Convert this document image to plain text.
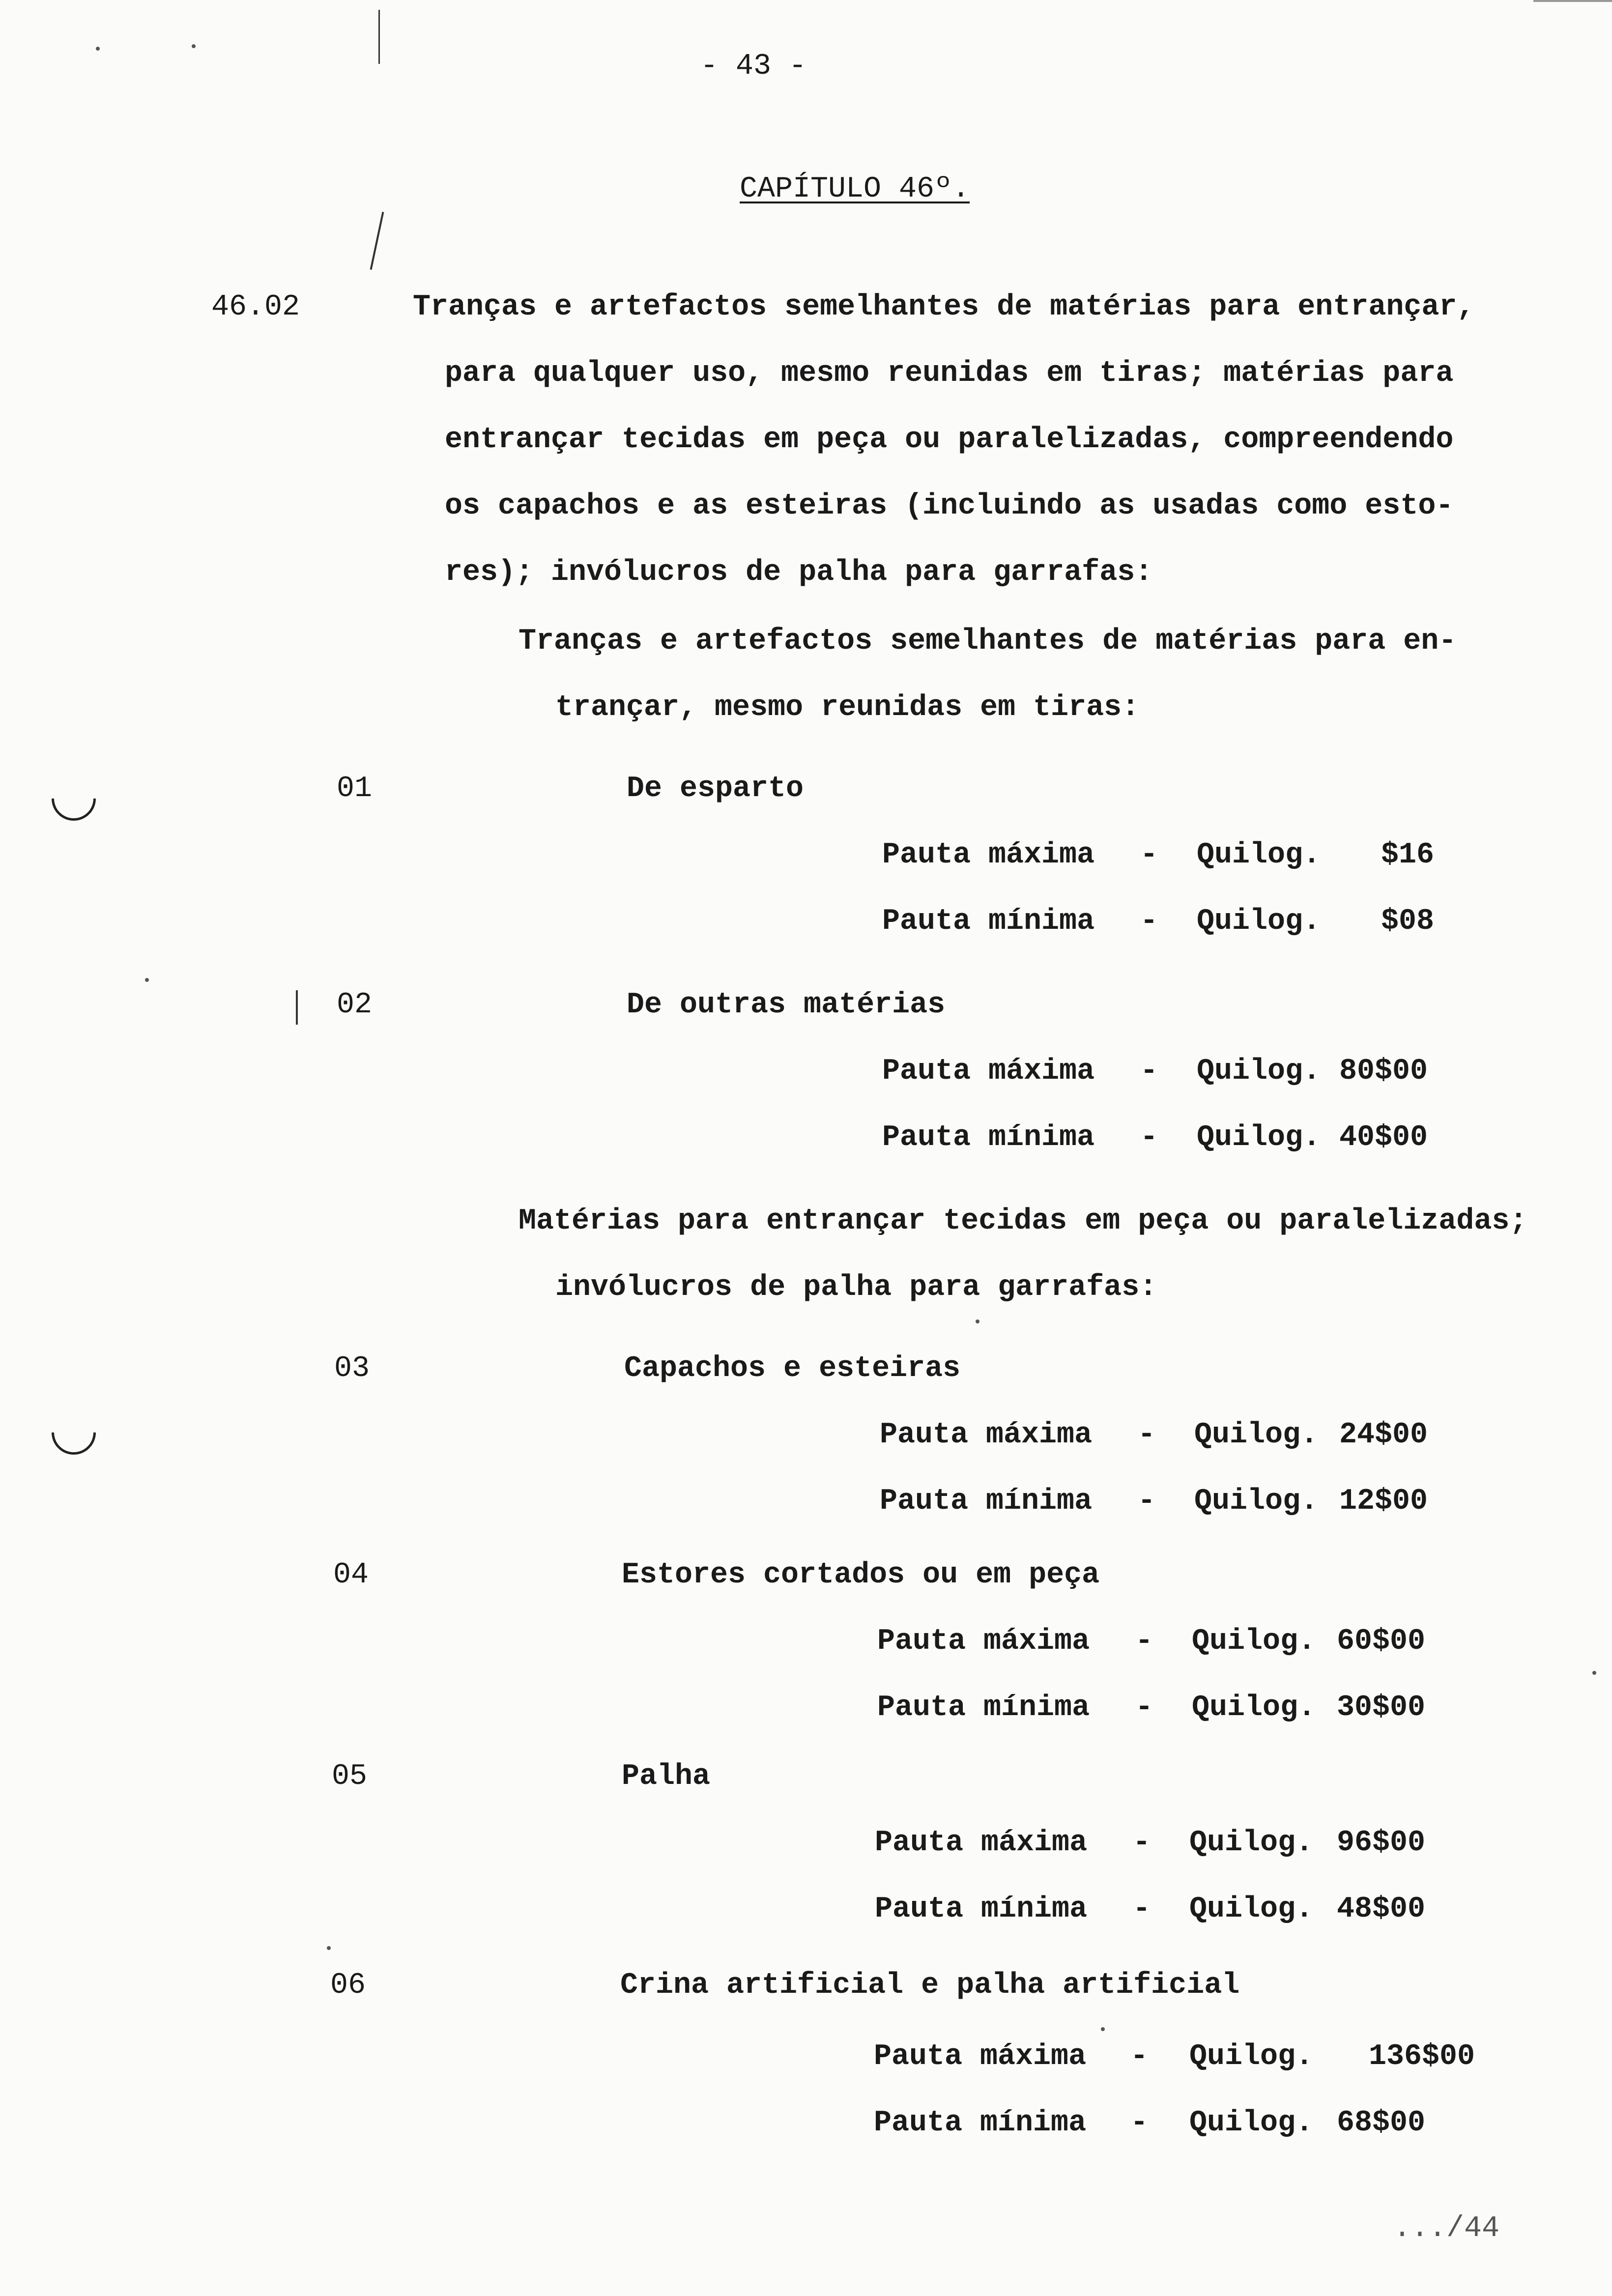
- 43 -
CAPÍTULO 46º.
46.02	Tranças e artefactos semelhantes de matérias para entrançar,
para qualquer uso, mesmo reunidas em tiras; matérias para
entrançar tecidas em peça ou paralelizadas, compreendendo
os capachos e as esteiras (incluindo as usadas como esto-
res); invólucros de palha para garrafas:
Tranças e artefactos semelhantes de matérias para en-
trançar, mesmo reunidas em tiras:
01	De esparto
Pauta máxima - Quilog. $16
Pauta mínima - Quilog. $08
02	De outras matérias
Pauta máxima - Quilog. 80$00
Pauta mínima - Quilog. 40$00
Matérias para entrançar tecidas em peça ou paralelizadas;
invólucros de palha para garrafas:
03	Capachos e esteiras
Pauta máxima - Quilog. 24$00
Pauta mínima - Quilog. 12$00
04	Estores cortados ou em peça
Pauta máxima - Quilog. 60$00
Pauta mínima - Quilog. 30$00
05	Palha
Pauta máxima - Quilog. 96$00
Pauta mínima - Quilog. 48$00
06	Crina artificial e palha artificial
Pauta máxima - Quilog. 136$00
Pauta mínima - Quilog. 68$00
.../44
